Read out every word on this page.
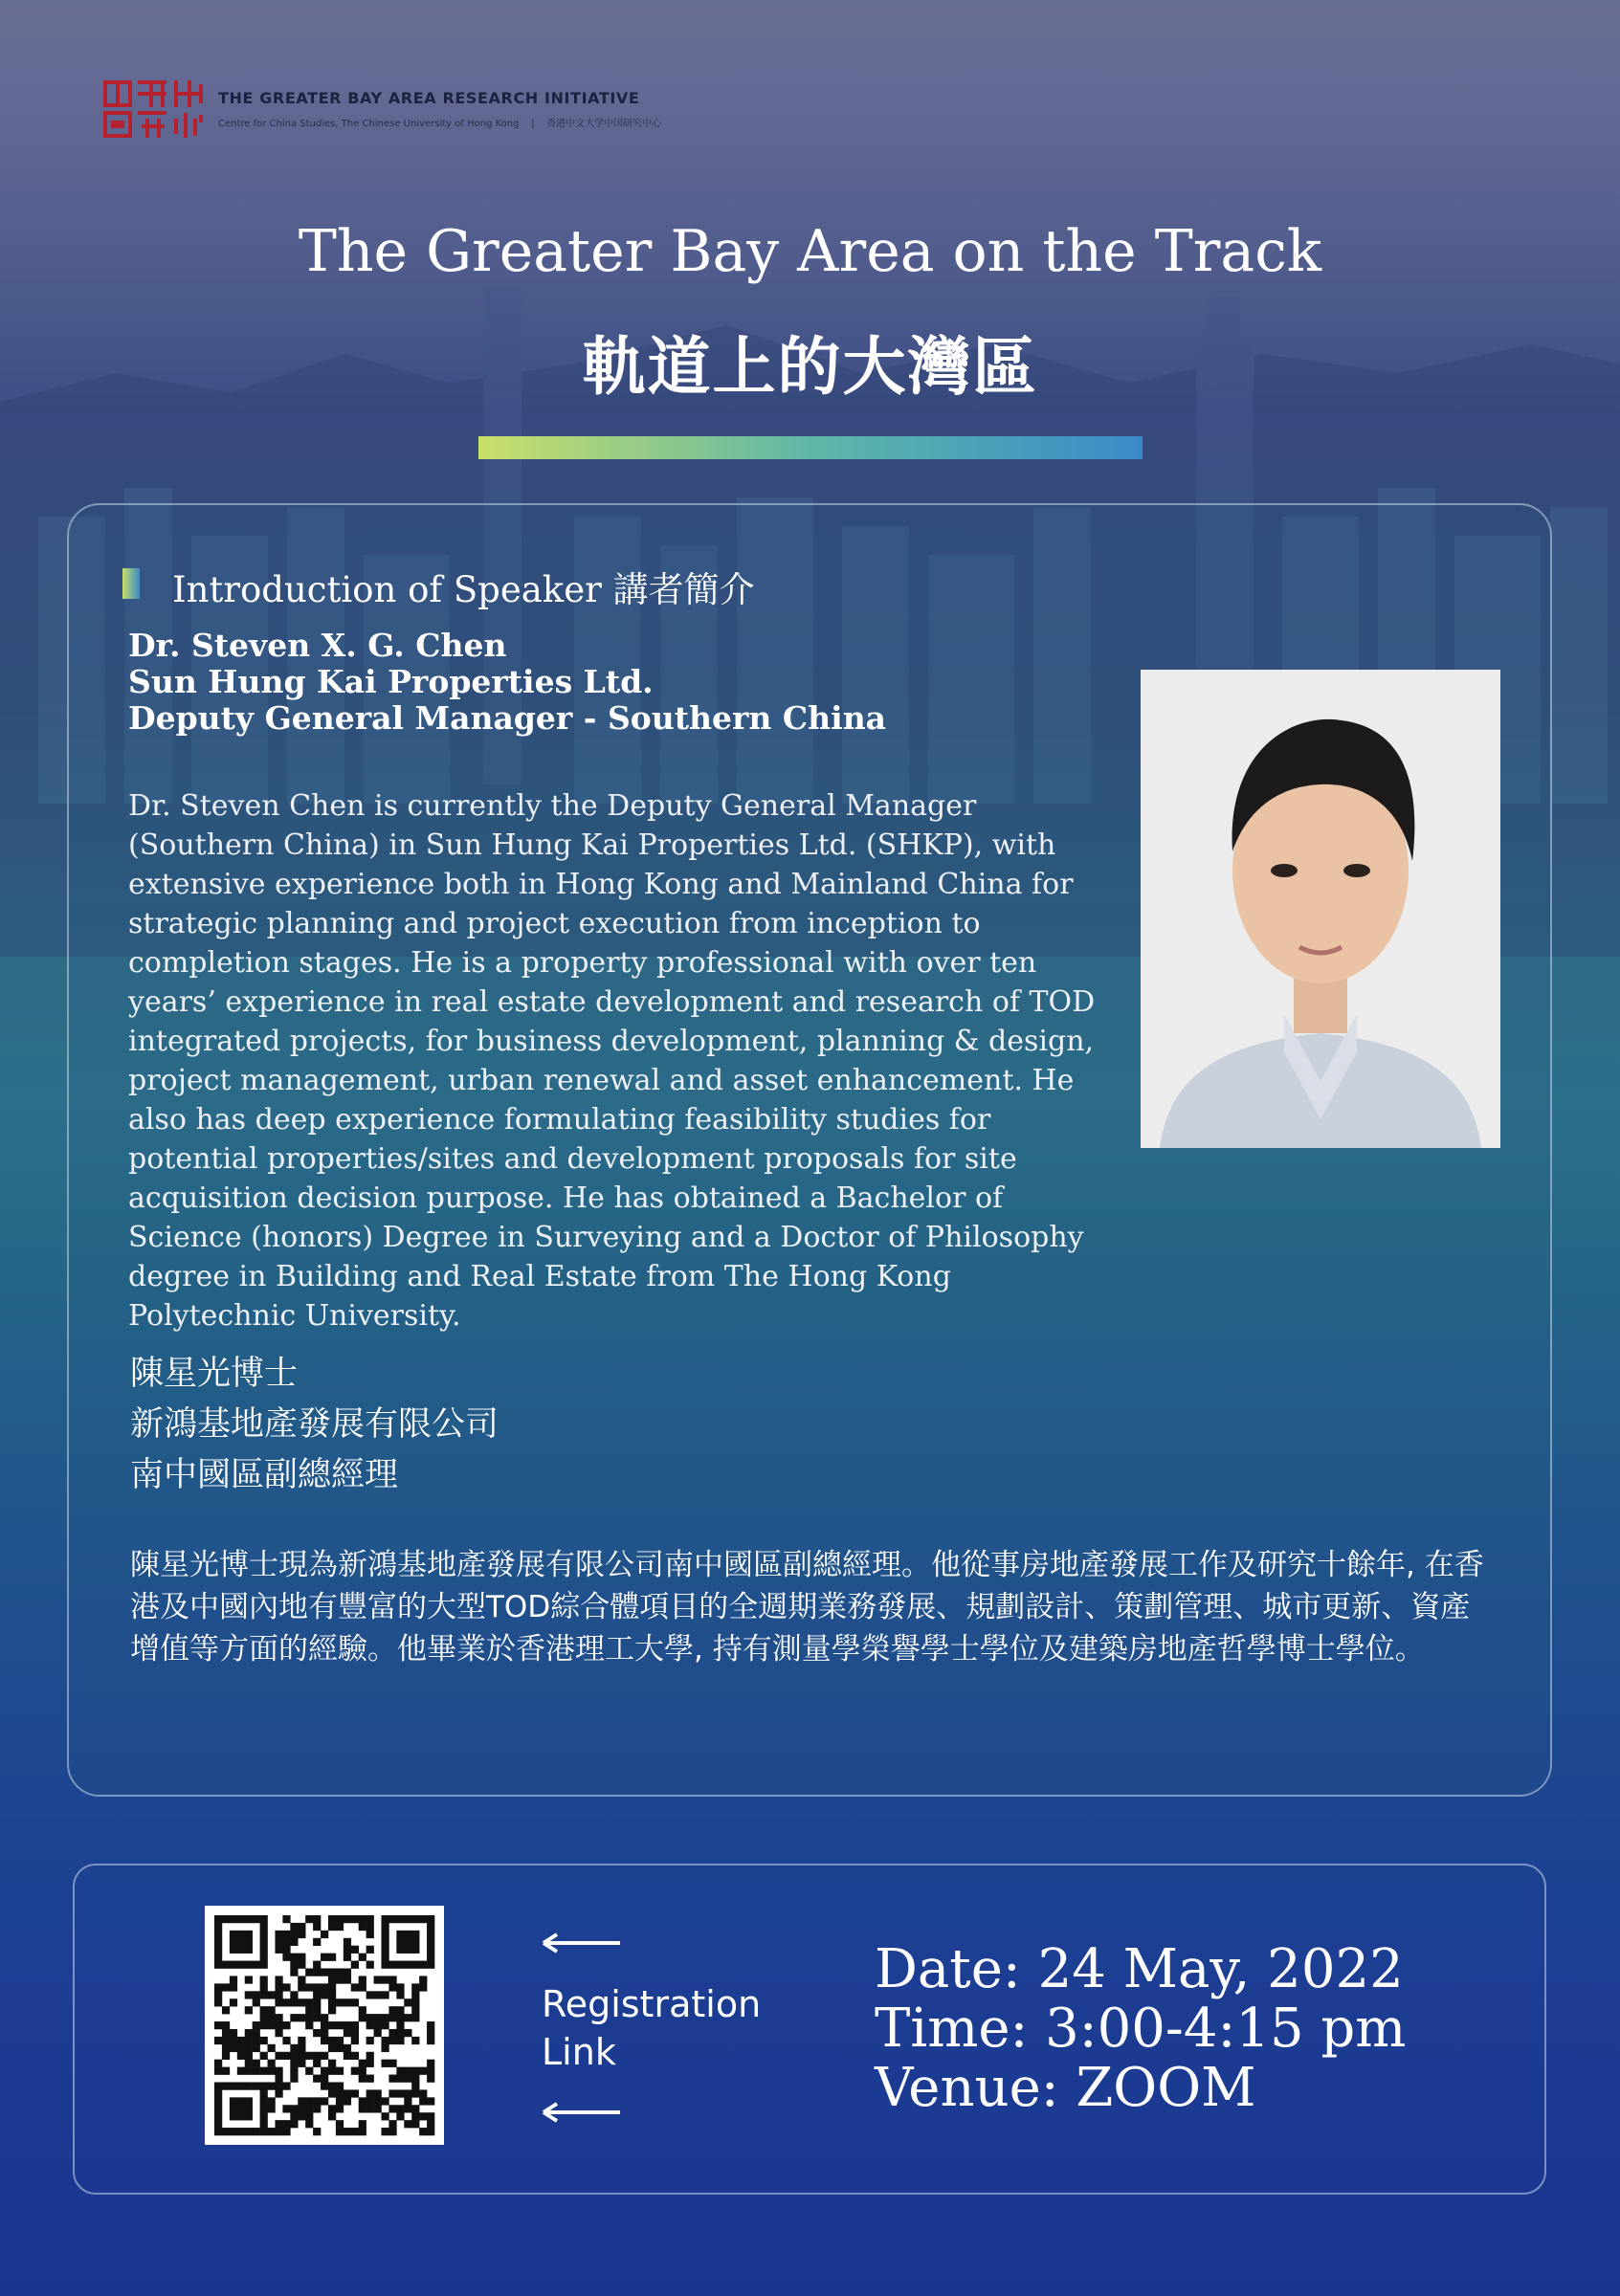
THE GREATER BAY AREA RESEARCH INITIATIVE
Centre for China Studies, The Chinese University of Hong Kong | 香港中文大学中国研究中心
The Greater Bay Area on the Track
軌道上的大灣區
Introduction of Speaker 講者簡介
Dr. Steven X. G. Chen
Sun Hung Kai Properties Ltd.
Deputy General Manager - Southern China

Dr. Steven Chen is currently the Deputy General Manager (Southern China) in Sun Hung Kai Properties Ltd. (SHKP), with extensive experience both in Hong Kong and Mainland China for strategic planning and project execution from inception to completion stages. He is a property professional with over ten years’ experience in real estate development and research of TOD integrated projects, for business development, planning & design, project management, urban renewal and asset enhancement. He also has deep experience formulating feasibility studies for potential properties/sites and development proposals for site acquisition decision purpose. He has obtained a Bachelor of Science (honors) Degree in Surveying and a Doctor of Philosophy degree in Building and Real Estate from The Hong Kong Polytechnic University.

陳星光博士
新鴻基地產發展有限公司
南中國區副總經理
陳星光博士現為新鴻基地產發展有限公司南中國區副總經理。他從事房地產發展工作及研究十餘年, 在香港及中國內地有豐富的大型TOD綜合體項目的全週期業務發展、規劃設計、策劃管理、城市更新、資產增值等方面的經驗。他畢業於香港理工大學, 持有測量學榮譽學士學位及建築房地產哲學博士學位。
Registration
Link
Date: 24 May, 2022
Time: 3:00-4:15 pm
Venue: ZOOM
